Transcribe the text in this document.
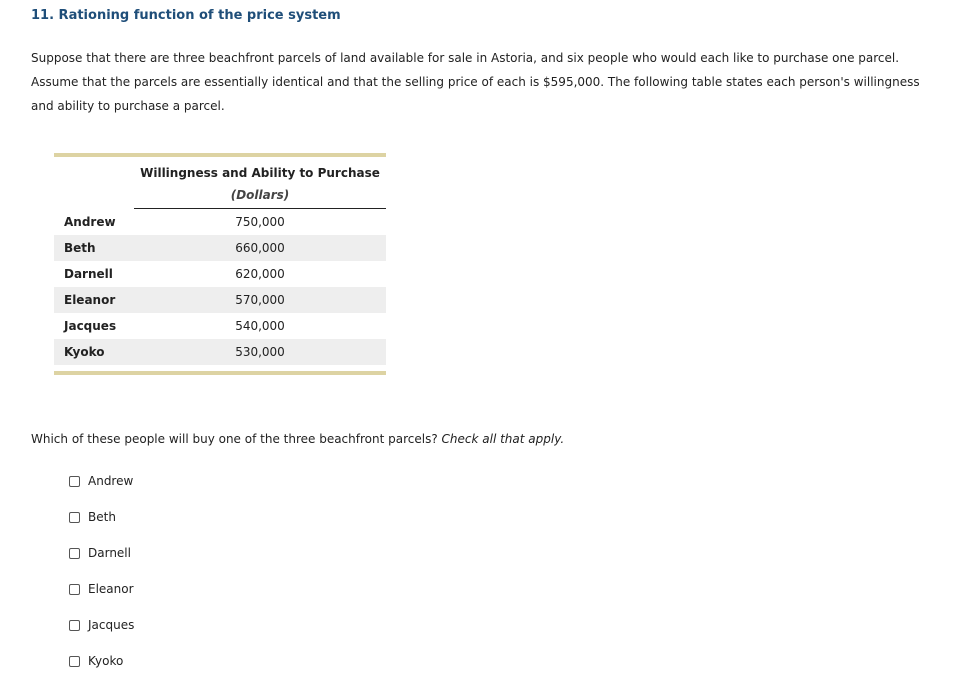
11. Rationing function of the price system
Suppose that there are three beachfront parcels of land available for sale in Astoria, and six people who would each like to purchase one parcel. Assume that the parcels are essentially identical and that the selling price of each is $595,000. The following table states each person's willingness and ability to purchase a parcel.
Willingness and Ability to Purchase
(Dollars)
Andrew	750,000
Beth	660,000
Darnell	620,000
Eleanor	570,000
Jacques	540,000
Kyoko	530,000
Which of these people will buy one of the three beachfront parcels? Check all that apply.
Andrew
Beth
Darnell
Eleanor
Jacques
Kyoko
